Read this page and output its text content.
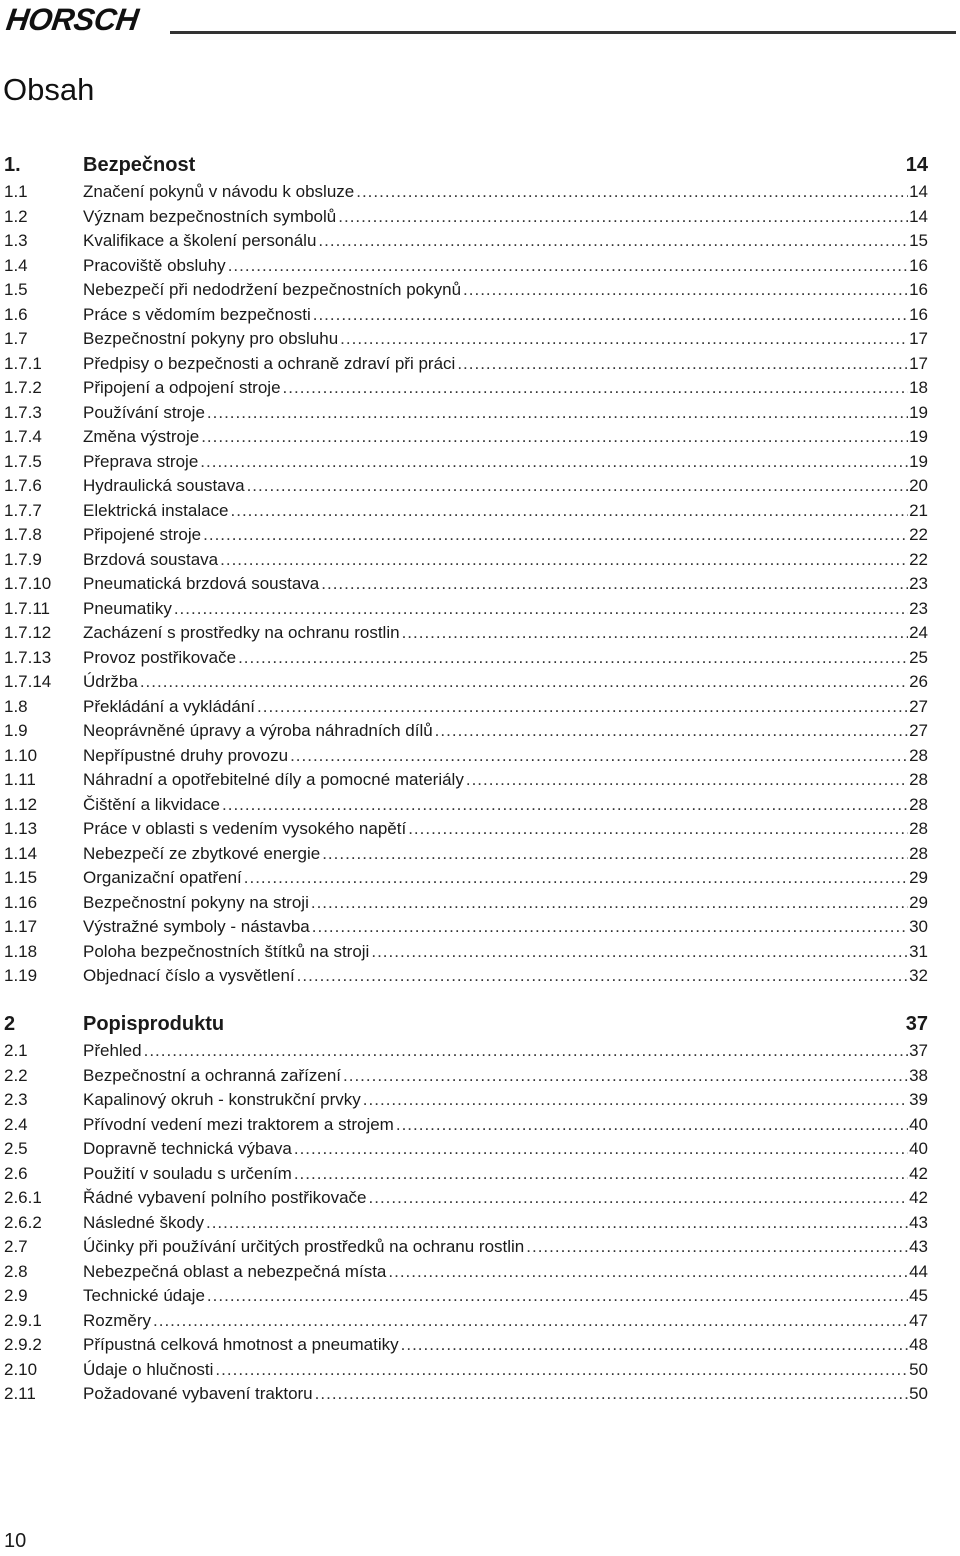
HORSCH
Obsah
1.	Bezpečnost	14
1.1	Značení pokynů v návodu k obsluze .....	14
1.2	Význam bezpečnostních symbolů .....	14
1.3	Kvalifikace a školení personálu .....	15
1.4	Pracoviště obsluhy .....	16
1.5	Nebezpečí při nedodržení bezpečnostních pokynů .....	16
1.6	Práce s vědomím bezpečnosti .....	16
1.7	Bezpečnostní pokyny pro obsluhu .....	17
1.7.1 Předpisy o bezpečnosti a ochraně zdraví při práci .....	17
1.7.2 Připojení a odpojení stroje .....	18
1.7.3 Používání stroje .....	19
1.7.4 Změna výstroje .....	19
1.7.5 Přeprava stroje .....	19
1.7.6 Hydraulická soustava .....	20
1.7.7 Elektrická instalace .....	21
1.7.8 Připojené stroje .....	22
1.7.9 Brzdová soustava .....	22
1.7.10 Pneumatická brzdová soustava .....	23
1.7.11 Pneumatiky .....	23
1.7.12 Zacházení s prostředky na ochranu rostlin .....	24
1.7.13 Provoz postřikovače .....	25
1.7.14 Údržba .....	26
1.8	Překládání a vykládání .....	27
1.9	Neoprávněné úpravy a výroba náhradních dílů .....	27
1.10	Nepřípustné druhy provozu .....	28
1.11	Náhradní a opotřebitelné díly a pomocné materiály .....	28
1.12	Čištění a likvidace .....	28
1.13	Práce v oblasti s vedením vysokého napětí .....	28
1.14	Nebezpečí ze zbytkové energie .....	28
1.15	Organizační opatření .....	29
1.16	Bezpečnostní pokyny na stroji .....	29
1.17	Výstražné symboly - nástavba .....	30
1.18	Poloha bezpečnostních štítků na stroji .....	31
1.19	Objednací číslo a vysvětlení .....	32
2	Popisproduktu	37
2.1	Přehled .....	37
2.2	Bezpečnostní a ochranná zařízení .....	38
2.3	Kapalinový okruh - konstrukční prvky .....	39
2.4	Přívodní vedení mezi traktorem a strojem .....	40
2.5	Dopravně technická výbava .....	40
2.6	Použití v souladu s určením .....	42
2.6.1 Řádné vybavení polního postřikovače .....	42
2.6.2 Následné škody .....	43
2.7	Účinky při používání určitých prostředků na ochranu rostlin .....	43
2.8	Nebezpečná oblast a nebezpečná místa .....	44
2.9	Technické údaje .....	45
2.9.1 Rozměry .....	47
2.9.2 Přípustná celková hmotnost a pneumatiky .....	48
2.10	Údaje o hlučnosti .....	50
2.11	Požadované vybavení traktoru .....	50
10
